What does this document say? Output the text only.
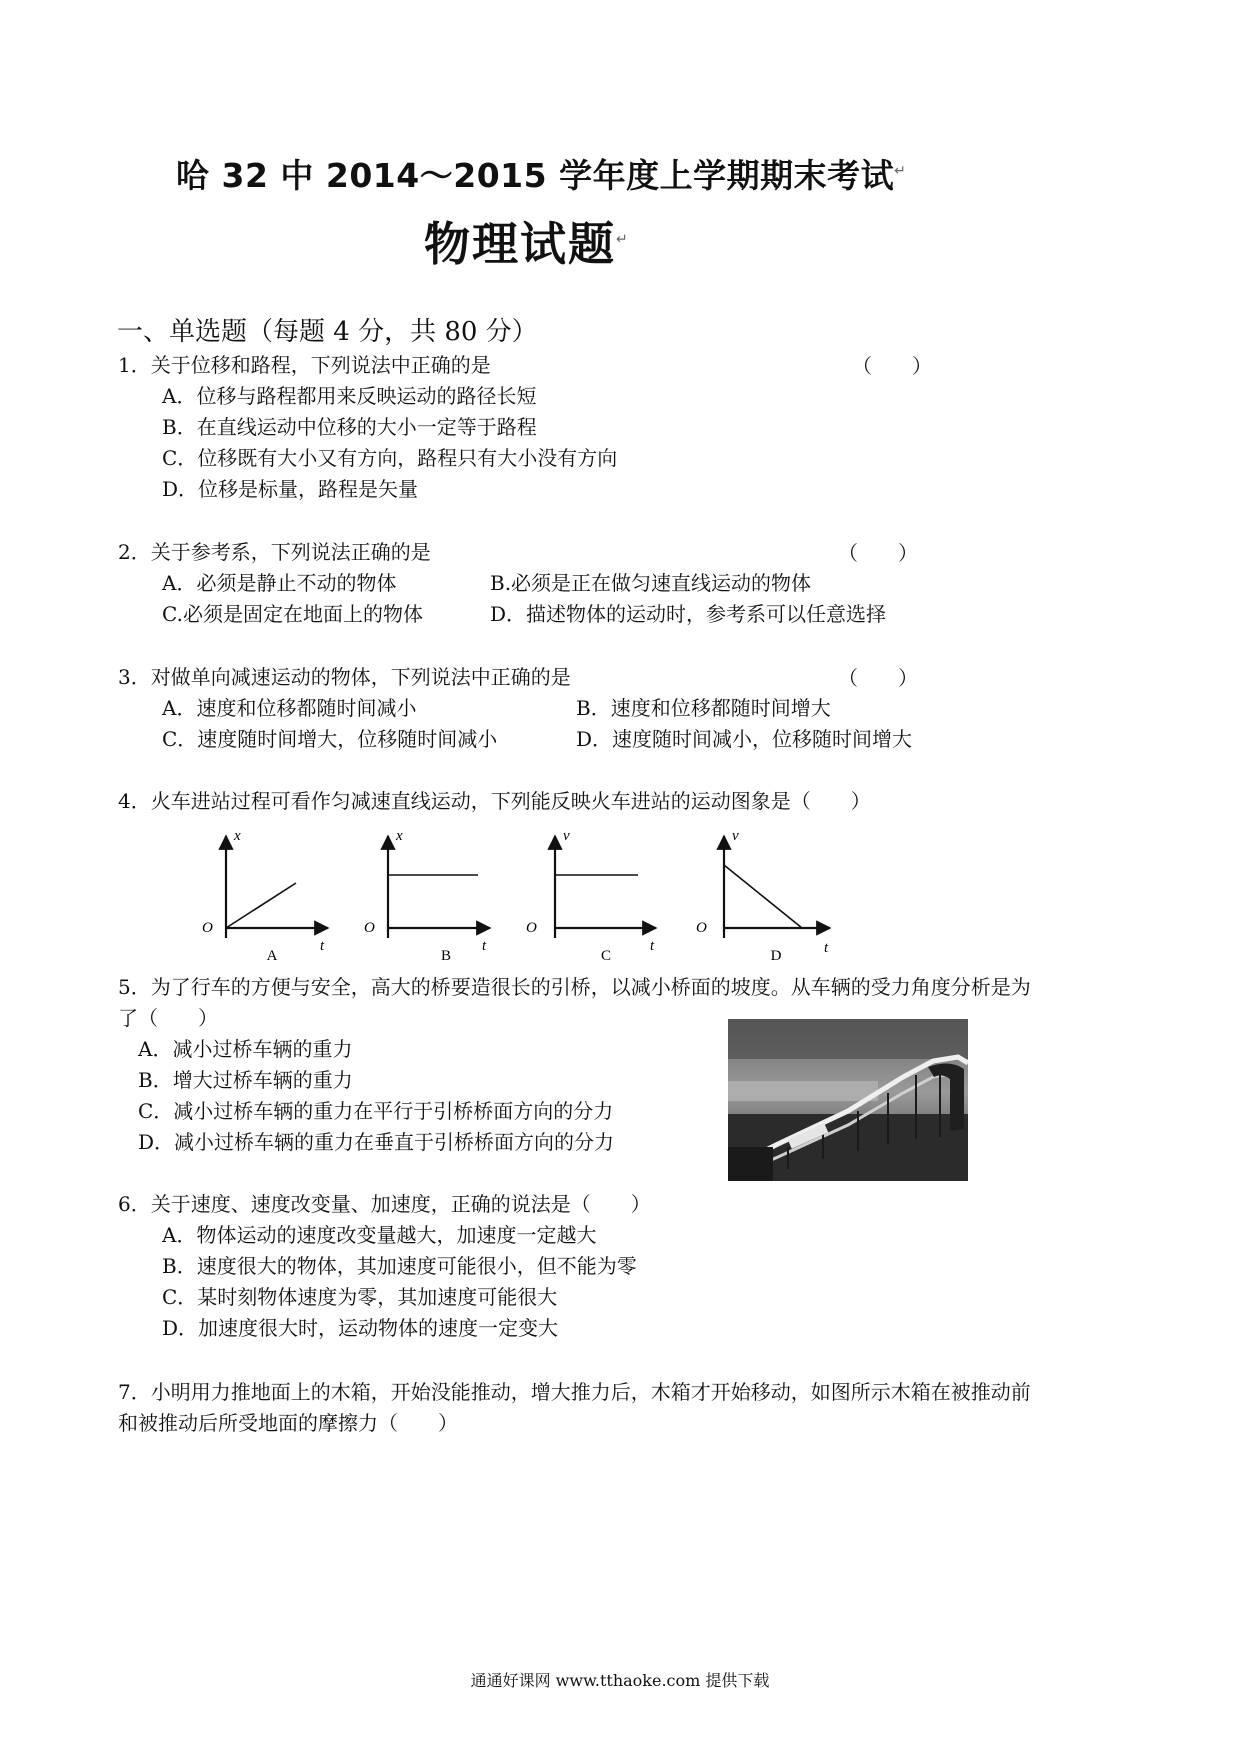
哈 32 中 2014～2015 学年度上学期期末考试↵
物理试题↵
一、单选题（每题 4 分，共 80 分）
1．关于位移和路程，下列说法中正确的是	（　　）
A．位移与路程都用来反映运动的路径长短
B．在直线运动中位移的大小一定等于路程
C．位移既有大小又有方向，路程只有大小没有方向
D．位移是标量，路程是矢量
2．关于参考系，下列说法正确的是	（　　）
A．必须是静止不动的物体	B.必须是正在做匀速直线运动的物体
C.必须是固定在地面上的物体	D．描述物体的运动时，参考系可以任意选择
3．对做单向减速运动的物体，下列说法中正确的是	（　　）
A．速度和位移都随时间减小	B．速度和位移都随时间增大
C．速度随时间增大，位移随时间减小	D．速度随时间减小，位移随时间增大
4．火车进站过程可看作匀减速直线运动，下列能反映火车进站的运动图象是（　　）
x
O
t
A
x
O
t
B
v
O
t
C
v
O
t
D
5．为了行车的方便与安全，高大的桥要造很长的引桥，以减小桥面的坡度。从车辆的受力角度分析是为
了（　　）
A．减小过桥车辆的重力
B．增大过桥车辆的重力
C．减小过桥车辆的重力在平行于引桥桥面方向的分力
D．减小过桥车辆的重力在垂直于引桥桥面方向的分力
6．关于速度、速度改变量、加速度，正确的说法是（　　）
A．物体运动的速度改变量越大，加速度一定越大
B．速度很大的物体，其加速度可能很小，但不能为零
C．某时刻物体速度为零，其加速度可能很大
D．加速度很大时，运动物体的速度一定变大
7．小明用力推地面上的木箱，开始没能推动，增大推力后，木箱才开始移动，如图所示木箱在被推动前
和被推动后所受地面的摩擦力（　　）
通通好课网 www.tthaoke.com 提供下载
